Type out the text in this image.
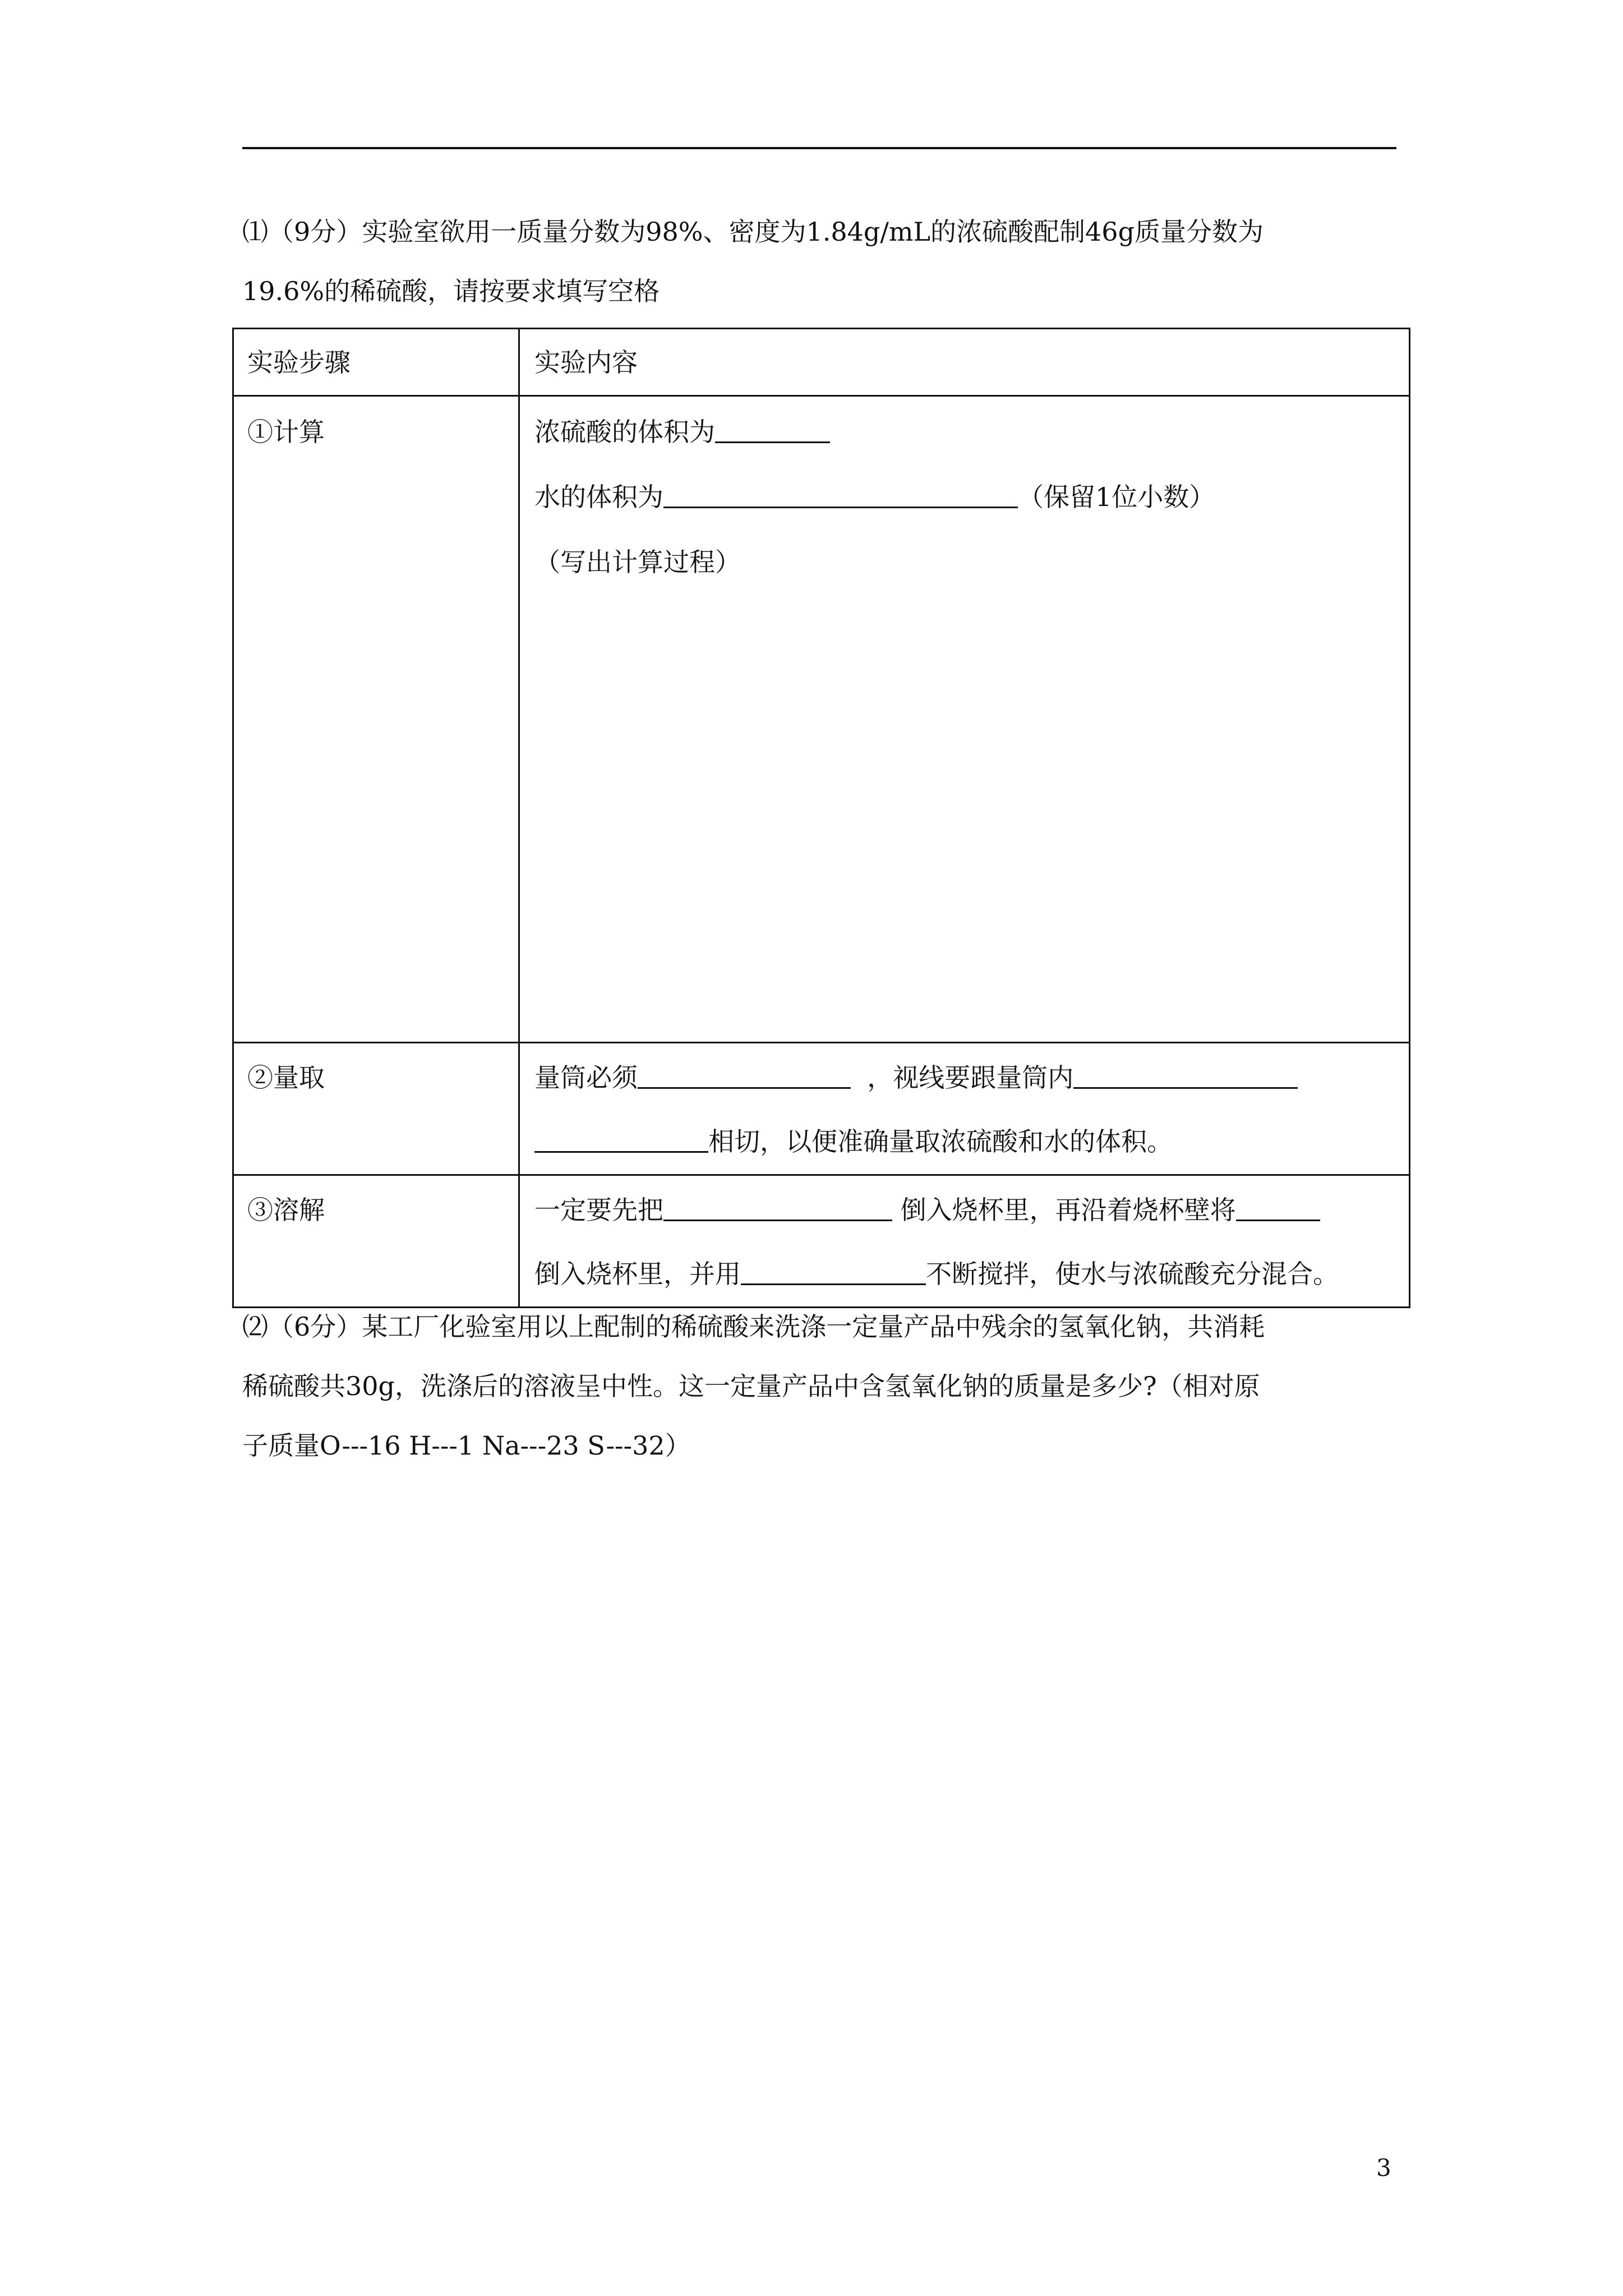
⑴（9分）实验室欲用一质量分数为98%、密度为1.84g/mL的浓硫酸配制46g质量分数为
19.6%的稀硫酸，请按要求填写空格
实验步骤	实验内容

①计算	浓硫酸的体积为
水的体积为 （保留1位小数）
（写出计算过程）

②量取	量筒必须 ，视线要跟量筒内
相切，以便准确量取浓硫酸和水的体积。

③溶解	一定要先把 倒入烧杯里，再沿着烧杯壁将
倒入烧杯里，并用 不断搅拌，使水与浓硫酸充分混合。
⑵（6分）某工厂化验室用以上配制的稀硫酸来洗涤一定量产品中残余的氢氧化钠，共消耗
稀硫酸共30g，洗涤后的溶液呈中性。这一定量产品中含氢氧化钠的质量是多少?（相对原
子质量O---16 H---1 Na---23 S---32）
3
